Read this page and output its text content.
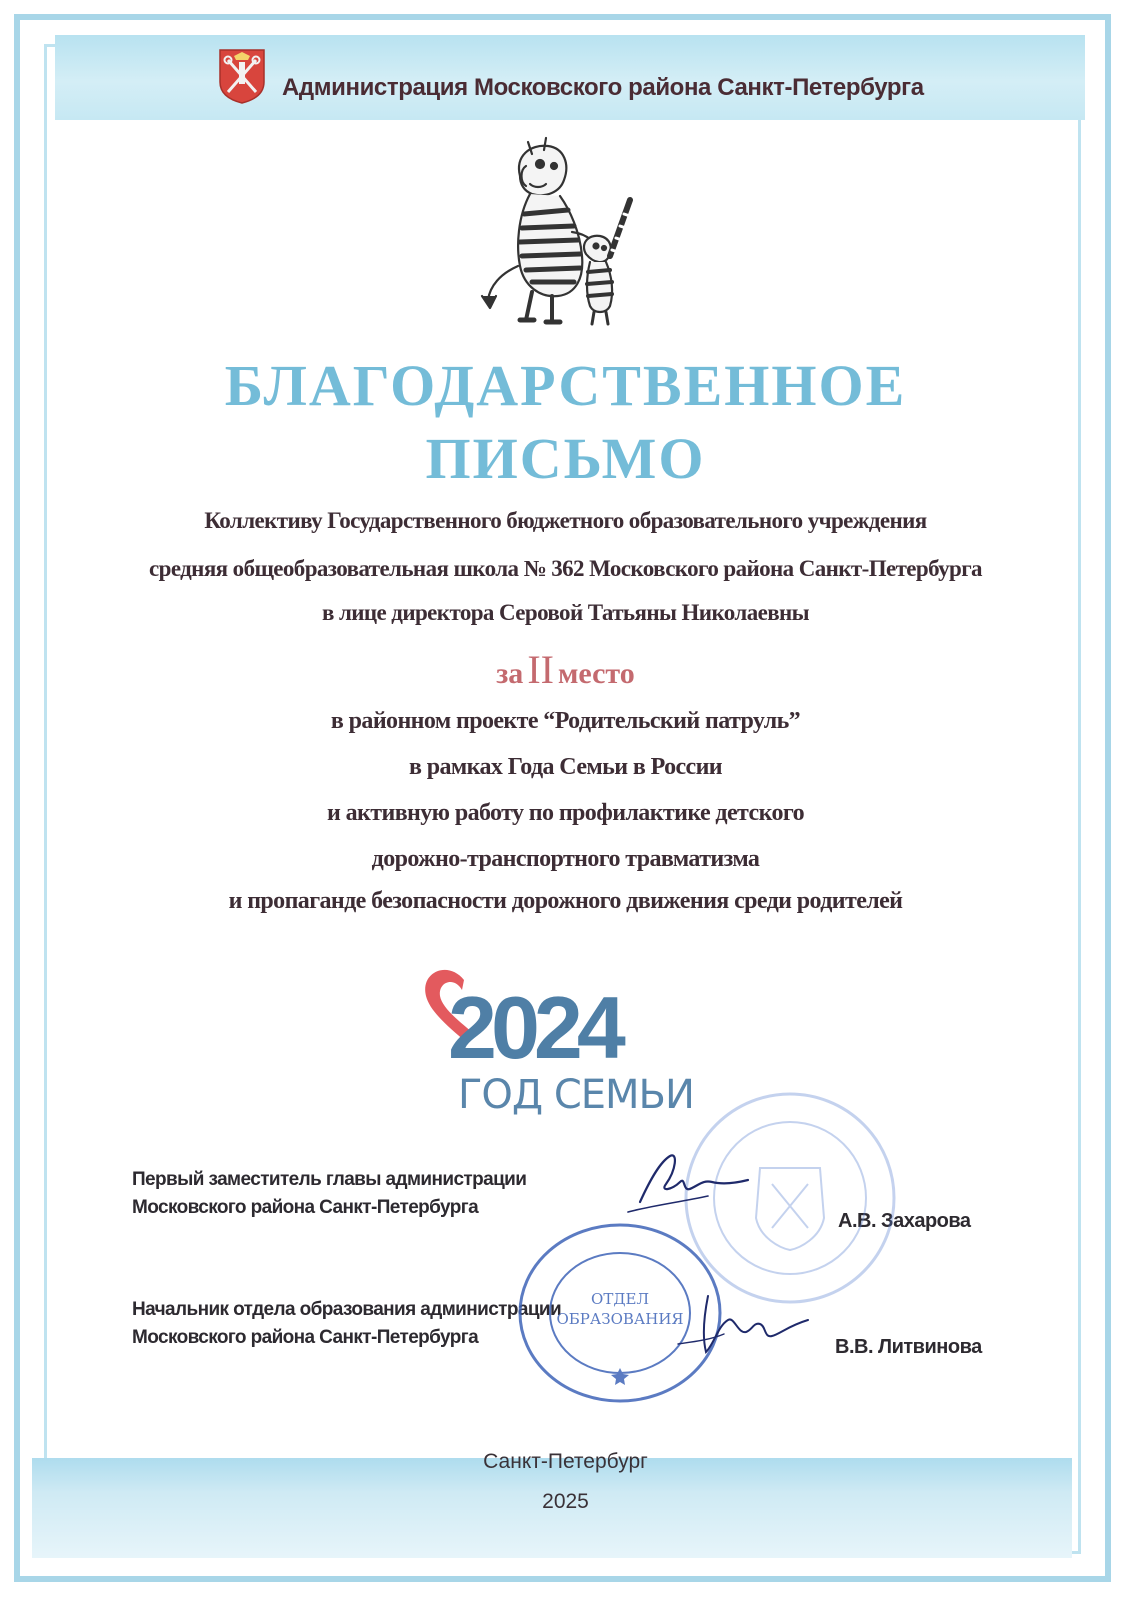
Администрация Московского района Санкт-Петербурга
БЛАГОДАРСТВЕННОЕ
ПИСЬМО
Коллективу Государственного бюджетного образовательного учреждения
средняя общеобразовательная школа № 362 Московского района Санкт-Петербурга
в лице директора Серовой Татьяны Николаевны
за II место
в районном проекте “Родительский патруль”
в рамках Года Семьи в России
и активную работу по профилактике детского
дорожно-транспортного травматизма
и пропаганде безопасности дорожного движения среди родителей
2024
ГОД СЕМЬИ
Первый заместитель главы администрации
Московского района Санкт-Петербурга
А.В. Захарова
Начальник отдела образования администрации
Московского района Санкт-Петербурга	В.В. Литвинова
ОТДЕЛ
ОБРАЗОВАНИЯ
Санкт-Петербург
2025
